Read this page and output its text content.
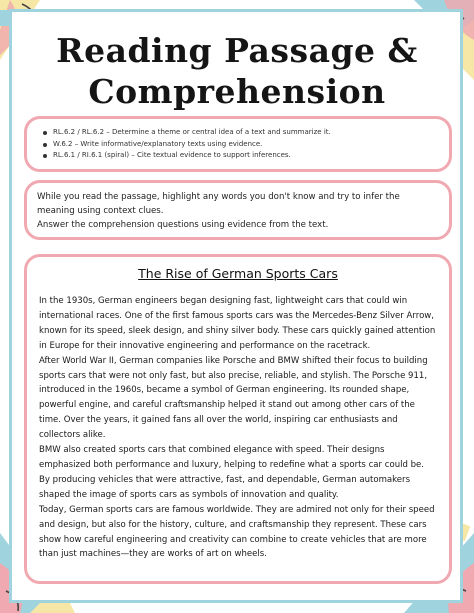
Reading Passage &
Comprehension
RL.6.2 / RL.6.2 – Determine a theme or central idea of a text and summarize it.
W.6.2 – Write informative/explanatory texts using evidence.
RL.6.1 / RI.6.1 (spiral) – Cite textual evidence to support inferences.

While you read the passage, highlight any words you don't know and try to infer the meaning using context clues.

Answer the comprehension questions using evidence from the text.

The Rise of German Sports Cars

In the 1930s, German engineers began designing fast, lightweight cars that could win international races. One of the first famous sports cars was the Mercedes-Benz Silver Arrow, known for its speed, sleek design, and shiny silver body. These cars quickly gained attention in Europe for their innovative engineering and performance on the racetrack.

After World War II, German companies like Porsche and BMW shifted their focus to building sports cars that were not only fast, but also precise, reliable, and stylish. The Porsche 911, introduced in the 1960s, became a symbol of German engineering. Its rounded shape, powerful engine, and careful craftsmanship helped it stand out among other cars of the time. Over the years, it gained fans all over the world, inspiring car enthusiasts and collectors alike.

BMW also created sports cars that combined elegance with speed. Their designs emphasized both performance and luxury, helping to redefine what a sports car could be. By producing vehicles that were attractive, fast, and dependable, German automakers shaped the image of sports cars as symbols of innovation and quality.

Today, German sports cars are famous worldwide. They are admired not only for their speed and design, but also for the history, culture, and craftsmanship they represent. These cars show how careful engineering and creativity can combine to create vehicles that are more than just machines—they are works of art on wheels.
